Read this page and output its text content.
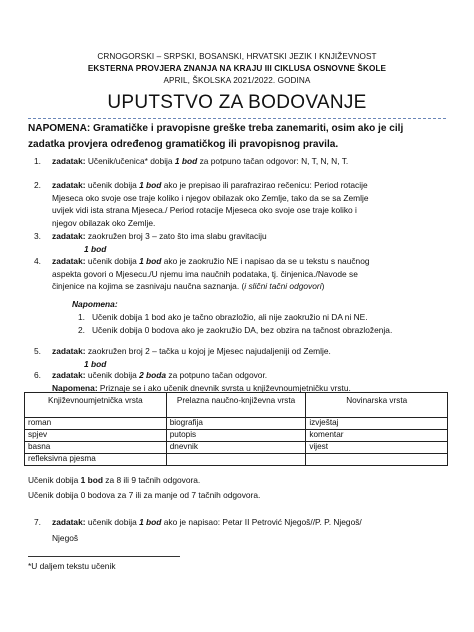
CRNOGORSKI – SRPSKI, BOSANSKI, HRVATSKI JEZIK I KNJIŽEVNOST
EKSTERNA PROVJERA ZNANJA NA KRAJU III CIKLUSA OSNOVNE ŠKOLE
APRIL, ŠKOLSKA 2021/2022. GODINA
UPUTSTVO ZA BODOVANJE
NAPOMENA: Gramatičke i pravopisne greške treba zanemariti, osim ako je cilj
zadatka provjera određenog gramatičkog ili pravopisnog pravila.
1. zadatak: Učenik/učenica* dobija 1 bod za potpuno tačan odgovor: N, T, N, N, T.
2. zadatak: učenik dobija 1 bod ako je prepisao ili parafrazirao rečenicu: Period rotacije
Mjeseca oko svoje ose traje koliko i njegov obilazak oko Zemlje, tako da se sa Zemlje
uvijek vidi ista strana Mjeseca./ Period rotacije Mjeseca oko svoje ose traje koliko i
njegov obilazak oko Zemlje.
3. zadatak: zaokružen broj 3 – zato što ima slabu gravitaciju
1 bod
4. zadatak: učenik dobija 1 bod ako je zaokružio NE i napisao da se u tekstu s naučnog
aspekta govori o Mjesecu./U njemu ima naučnih podataka, tj. činjenica./Navode se
činjenice na kojima se zasnivaju naučna saznanja. (i slični tačni odgovori)
Napomena:
1. Učenik dobija 1 bod ako je tačno obrazložio, ali nije zaokružio ni DA ni NE.
2. Učenik dobija 0 bodova ako je zaokružio DA, bez obzira na tačnost obrazloženja.
5. zadatak: zaokružen broj 2 – tačka u kojoj je Mjesec najudaljeniji od Zemlje.
1 bod
6. zadatak: učenik dobija 2 boda za potpuno tačan odgovor.
Napomena: Priznaje se i ako učenik dnevnik svrsta u književnoumjetničku vrstu.
Književnoumjetnička vrsta	Prelazna naučno-književna vrsta	Novinarska vrsta
roman	biografija	izvještaj
spjev	putopis	komentar
basna	dnevnik	vijest
refleksivna pjesma		
Učenik dobija 1 bod za 8 ili 9 tačnih odgovora.
Učenik dobija 0 bodova za 7 ili za manje od 7 tačnih odgovora.
7. zadatak: učenik dobija 1 bod ako je napisao: Petar II Petrović Njegoš//P. P. Njegoš/
Njegoš
*U daljem tekstu učenik
